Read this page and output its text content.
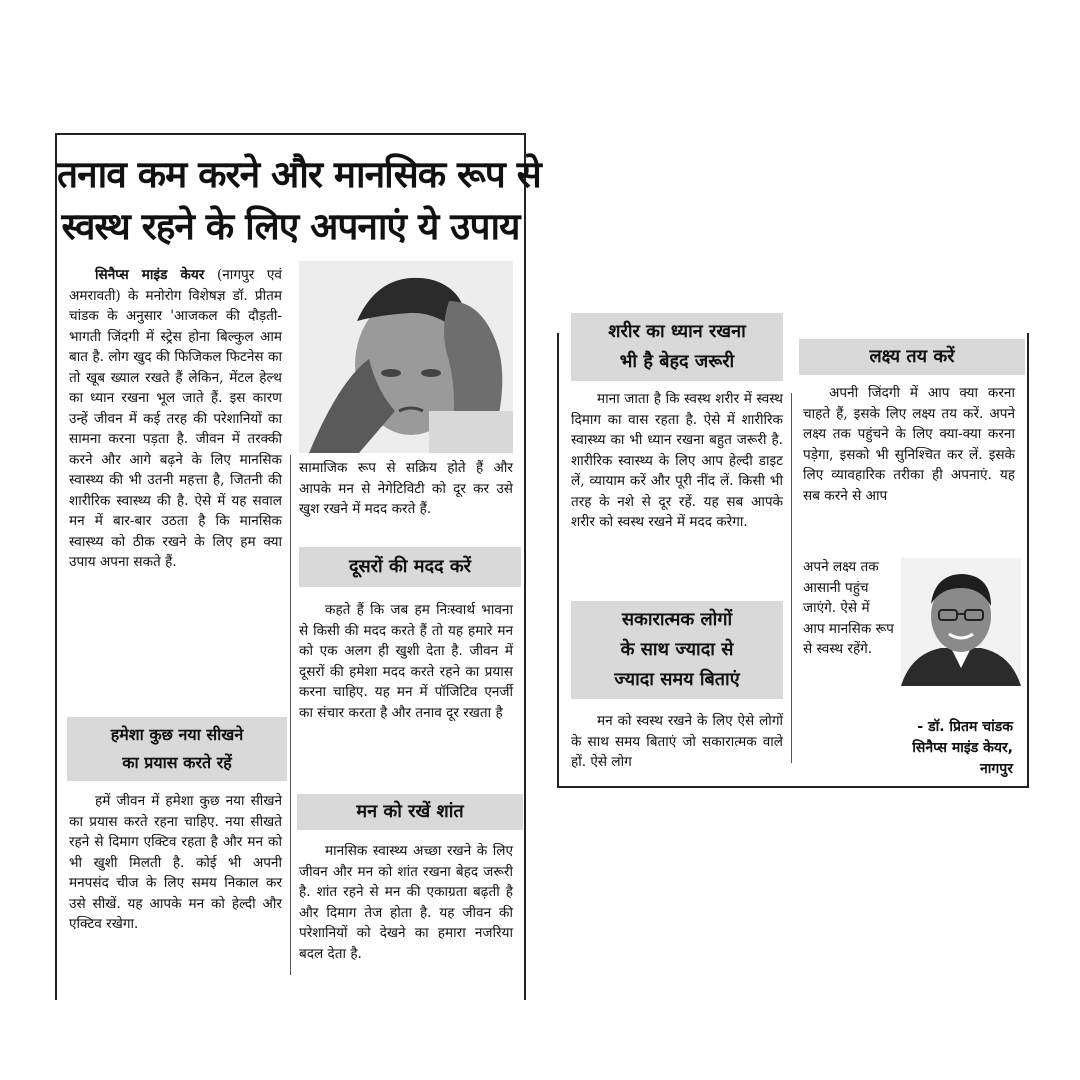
तनाव कम करने और मानसिक रूप से
स्वस्थ रहने के लिए अपनाएं ये उपाय

सिनैप्स माइंड केयर (नागपुर एवं अमरावती) के मनोरोग विशेषज्ञ डॉ. प्रीतम चांडक के अनुसार 'आजकल की दौड़ती-भागती जिंदगी में स्ट्रेस होना बिल्कुल आम बात है. लोग खुद की फिजिकल फिटनेस का तो खूब ख्याल रखते हैं लेकिन, मेंटल हेल्थ का ध्यान रखना भूल जाते हैं. इस कारण उन्हें जीवन में कई तरह की परेशानियों का सामना करना पड़ता है. जीवन में तरक्की करने और आगे बढ़ने के लिए मानसिक स्वास्थ्य की भी उतनी महत्ता है, जितनी की शारीरिक स्वास्थ्य की है. ऐसे में यह सवाल मन में बार-बार उठता है कि मानसिक स्वास्थ्य को ठीक रखने के लिए हम क्या उपाय अपना सकते हैं.

सामाजिक रूप से सक्रिय होते हैं और आपके मन से नेगेटिविटी को दूर कर उसे खुश रखने में मदद करते हैं.

हमेशा कुछ नया सीखने
का प्रयास करते रहें

हमें जीवन में हमेशा कुछ नया सीखने का प्रयास करते रहना चाहिए. नया सीखते रहने से दिमाग एक्टिव रहता है और मन को भी खुशी मिलती है. कोई भी अपनी मनपसंद चीज के लिए समय निकाल कर उसे सीखें. यह आपके मन को हेल्दी और एक्टिव रखेगा.

दूसरों की मदद करें

कहते हैं कि जब हम निःस्वार्थ भावना से किसी की मदद करते हैं तो यह हमारे मन को एक अलग ही खुशी देता है. जीवन में दूसरों की हमेशा मदद करते रहने का प्रयास करना चाहिए. यह मन में पॉजिटिव एनर्जी का संचार करता है और तनाव दूर रखता है

मन को रखें शांत

मानसिक स्वास्थ्य अच्छा रखने के लिए जीवन और मन को शांत रखना बेहद जरूरी है. शांत रहने से मन की एकाग्रता बढ़ती है और दिमाग तेज होता है. यह जीवन की परेशानियों को देखने का हमारा नजरिया बदल देता है.

शरीर का ध्यान रखना
भी है बेहद जरूरी

माना जाता है कि स्वस्थ शरीर में स्वस्थ दिमाग का वास रहता है. ऐसे में शारीरिक स्वास्थ्य का भी ध्यान रखना बहुत जरूरी है. शारीरिक स्वास्थ्य के लिए आप हेल्दी डाइट लें, व्यायाम करें और पूरी नींद लें. किसी भी तरह के नशे से दूर रहें. यह सब आपके शरीर को स्वस्थ रखने में मदद करेगा.

सकारात्मक लोगों
के साथ ज्यादा से
ज्यादा समय बिताएं

मन को स्वस्थ रखने के लिए ऐसे लोगों के साथ समय बिताएं जो सकारात्मक वाले हों. ऐसे लोग

लक्ष्य तय करें

अपनी जिंदगी में आप क्या करना चाहते हैं, इसके लिए लक्ष्य तय करें. अपने लक्ष्य तक पहुंचने के लिए क्या-क्या करना पड़ेगा, इसको भी सुनिश्चित कर लें. इसके लिए व्यावहारिक तरीका ही अपनाएं. यह सब करने से आप

अपने लक्ष्य तक आसानी पहुंच जाएंगे. ऐसे में आप मानसिक रूप से स्वस्थ रहेंगे.

- डॉ. प्रितम चांडक
सिनैप्स माइंड केयर,
नागपुर
